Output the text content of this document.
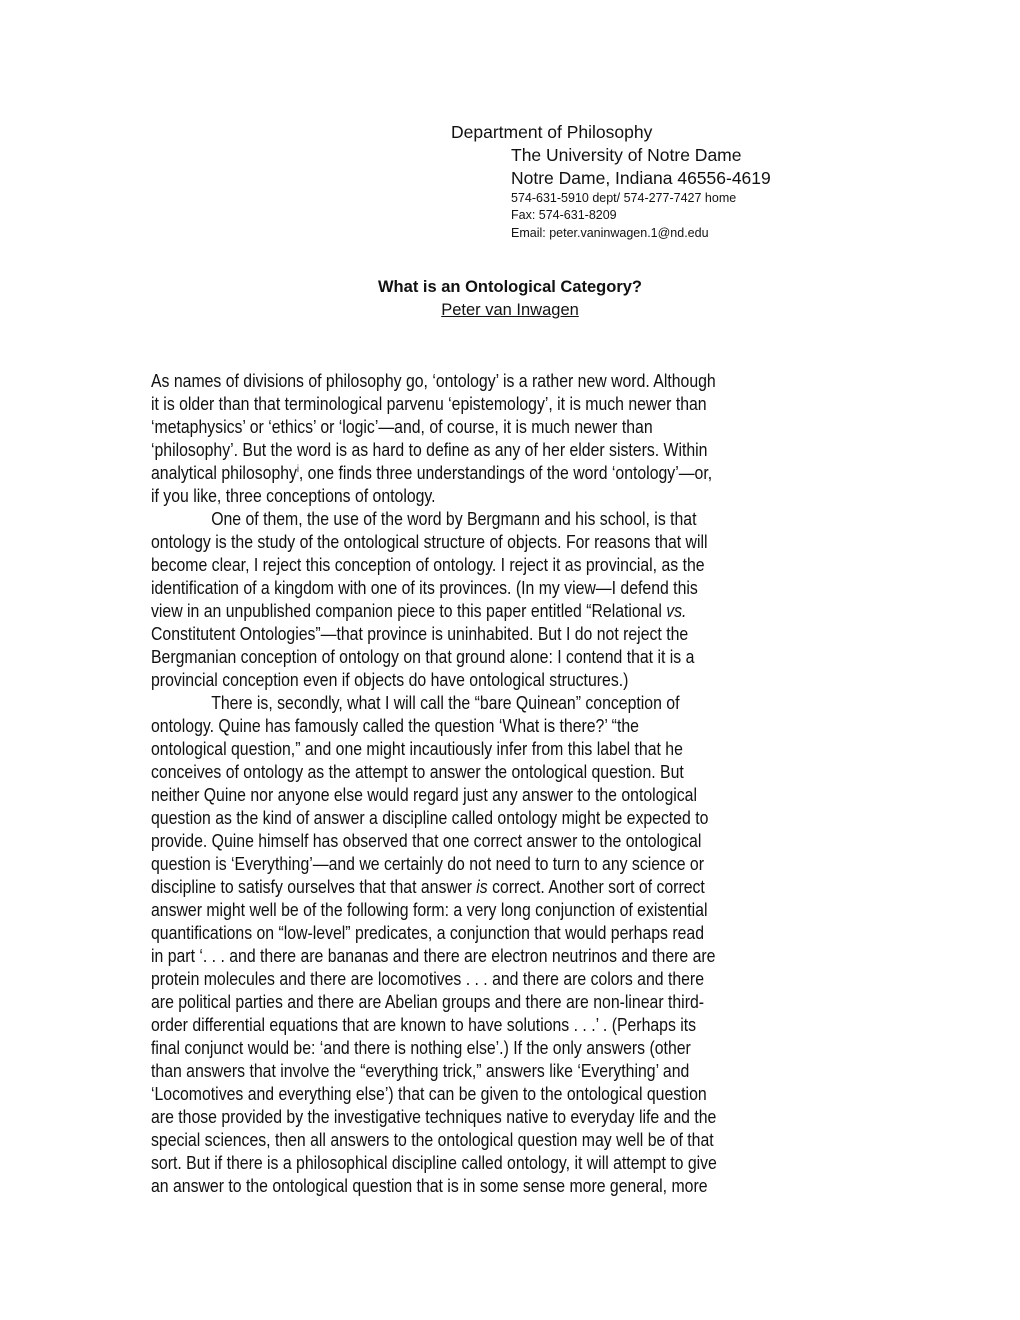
Department of Philosophy
The University of Notre Dame
Notre Dame, Indiana 46556-4619
574-631-5910 dept/ 574-277-7427 home
Fax: 574-631-8209
Email: peter.vaninwagen.1@nd.edu
What is an Ontological Category?
Peter van Inwagen
As names of divisions of philosophy go, ‘ontology’ is a rather new word. Although
it is older than that terminological parvenu ‘epistemology’, it is much newer than
‘metaphysics’ or ‘ethics’ or ‘logic’—and, of course, it is much newer than
‘philosophy’. But the word is as hard to define as any of her elder sisters. Within
analytical philosophy$^i$, one finds three understandings of the word ‘ontology’—or,
if you like, three conceptions of ontology.
One of them, the use of the word by Bergmann and his school, is that
ontology is the study of the ontological structure of objects. For reasons that will
become clear, I reject this conception of ontology. I reject it as provincial, as the
identification of a kingdom with one of its provinces. (In my view—I defend this
view in an unpublished companion piece to this paper entitled “Relational vs.
Constitutent Ontologies”—that province is uninhabited. But I do not reject the
Bergmanian conception of ontology on that ground alone: I contend that it is a
provincial conception even if objects do have ontological structures.)
There is, secondly, what I will call the “bare Quinean” conception of
ontology. Quine has famously called the question ‘What is there?’ “the
ontological question,” and one might incautiously infer from this label that he
conceives of ontology as the attempt to answer the ontological question. But
neither Quine nor anyone else would regard just any answer to the ontological
question as the kind of answer a discipline called ontology might be expected to
provide. Quine himself has observed that one correct answer to the ontological
question is ‘Everything’—and we certainly do not need to turn to any science or
discipline to satisfy ourselves that that answer is correct. Another sort of correct
answer might well be of the following form: a very long conjunction of existential
quantifications on “low-level” predicates, a conjunction that would perhaps read
in part ‘. . . and there are bananas and there are electron neutrinos and there are
protein molecules and there are locomotives . . . and there are colors and there
are political parties and there are Abelian groups and there are non-linear third-
order differential equations that are known to have solutions . . .’ . (Perhaps its
final conjunct would be: ‘and there is nothing else’.) If the only answers (other
than answers that involve the “everything trick,” answers like ‘Everything’ and
‘Locomotives and everything else’) that can be given to the ontological question
are those provided by the investigative techniques native to everyday life and the
special sciences, then all answers to the ontological question may well be of that
sort. But if there is a philosophical discipline called ontology, it will attempt to give
an answer to the ontological question that is in some sense more general, more
